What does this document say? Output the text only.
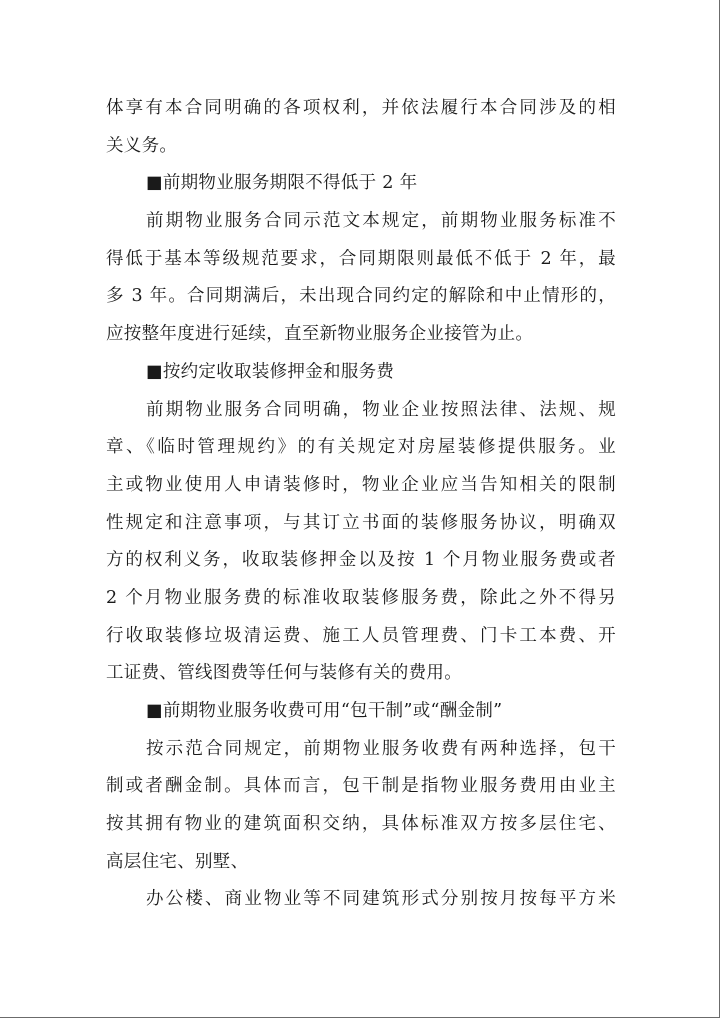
体享有本合同明确的各项权利，并依法履行本合同涉及的相
关义务。
■前期物业服务期限不得低于 2 年
前期物业服务合同示范文本规定，前期物业服务标准不
得低于基本等级规范要求，合同期限则最低不低于 2 年，最
多 3 年。合同期满后，未出现合同约定的解除和中止情形的，
应按整年度进行延续，直至新物业服务企业接管为止。
■按约定收取装修押金和服务费
前期物业服务合同明确，物业企业按照法律、法规、规
章、《临时管理规约》的有关规定对房屋装修提供服务。业
主或物业使用人申请装修时，物业企业应当告知相关的限制
性规定和注意事项，与其订立书面的装修服务协议，明确双
方的权利义务，收取装修押金以及按 1 个月物业服务费或者
2 个月物业服务费的标准收取装修服务费，除此之外不得另
行收取装修垃圾清运费、施工人员管理费、门卡工本费、开
工证费、管线图费等任何与装修有关的费用。
■前期物业服务收费可用“包干制”或“酬金制”
按示范合同规定，前期物业服务收费有两种选择，包干
制或者酬金制。具体而言，包干制是指物业服务费用由业主
按其拥有物业的建筑面积交纳，具体标准双方按多层住宅、
高层住宅、别墅、
办公楼、商业物业等不同建筑形式分别按月按每平方米
